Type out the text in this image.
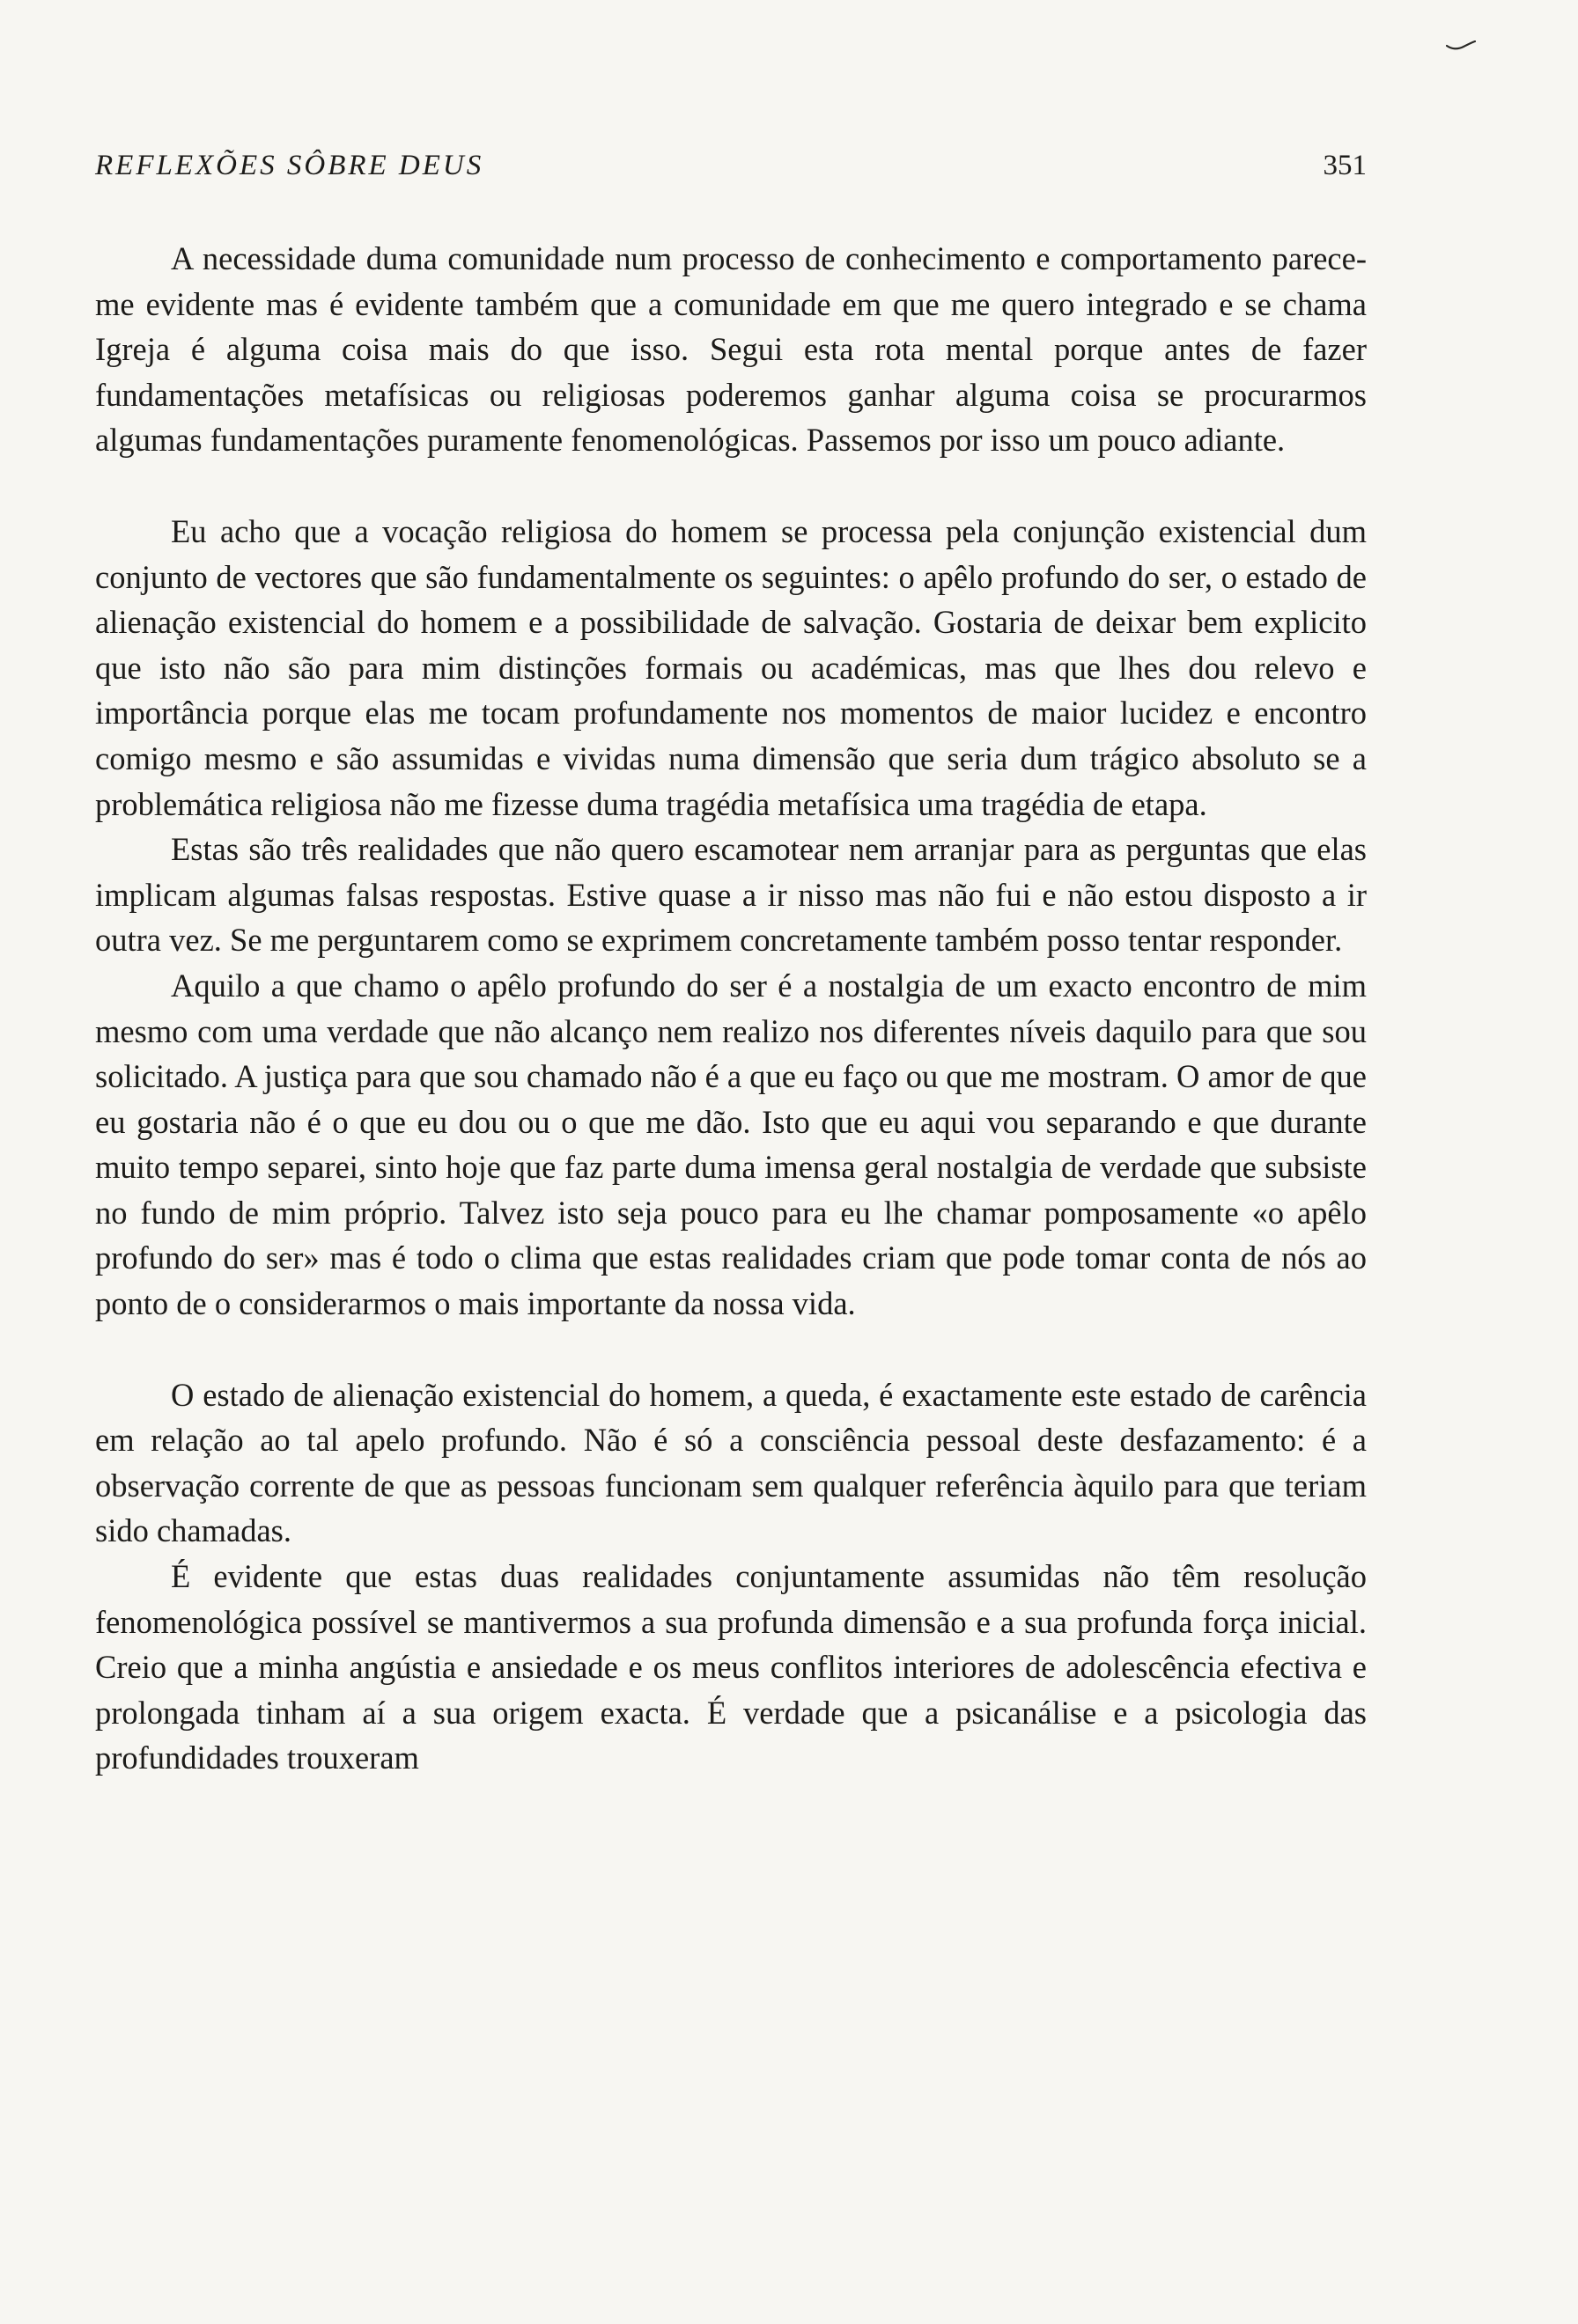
REFLEXÕES SÔBRE DEUS	351

A necessidade duma comunidade num processo de conhecimento e comportamento parece-me evidente mas é evidente também que a comunidade em que me quero integrado e se chama Igreja é alguma coisa mais do que isso. Segui esta rota mental porque antes de fazer fundamentações metafísicas ou religiosas poderemos ganhar alguma coisa se procurarmos algumas fundamentações puramente fenomenológicas. Passemos por isso um pouco adiante.

Eu acho que a vocação religiosa do homem se processa pela conjunção existencial dum conjunto de vectores que são fundamentalmente os seguintes: o apêlo profundo do ser, o estado de alienação existencial do homem e a possibilidade de salvação. Gostaria de deixar bem explicito que isto não são para mim distinções formais ou académicas, mas que lhes dou relevo e importância porque elas me tocam profundamente nos momentos de maior lucidez e encontro comigo mesmo e são assumidas e vividas numa dimensão que seria dum trágico absoluto se a problemática religiosa não me fizesse duma tragédia metafísica uma tragédia de etapa.

Estas são três realidades que não quero escamotear nem arranjar para as perguntas que elas implicam algumas falsas respostas. Estive quase a ir nisso mas não fui e não estou disposto a ir outra vez. Se me perguntarem como se exprimem concretamente também posso tentar responder.

Aquilo a que chamo o apêlo profundo do ser é a nostalgia de um exacto encontro de mim mesmo com uma verdade que não alcanço nem realizo nos diferentes níveis daquilo para que sou solicitado. A justiça para que sou chamado não é a que eu faço ou que me mostram. O amor de que eu gostaria não é o que eu dou ou o que me dão. Isto que eu aqui vou separando e que durante muito tempo separei, sinto hoje que faz parte duma imensa geral nostalgia de verdade que subsiste no fundo de mim próprio. Talvez isto seja pouco para eu lhe chamar pomposamente «o apêlo profundo do ser» mas é todo o clima que estas realidades criam que pode tomar conta de nós ao ponto de o considerarmos o mais importante da nossa vida.

O estado de alienação existencial do homem, a queda, é exactamente este estado de carência em relação ao tal apelo profundo. Não é só a consciência pessoal deste desfazamento: é a observação corrente de que as pessoas funcionam sem qualquer referência àquilo para que teriam sido chamadas.

É evidente que estas duas realidades conjuntamente assumidas não têm resolução fenomenológica possível se mantivermos a sua profunda dimensão e a sua profunda força inicial. Creio que a minha angústia e ansiedade e os meus conflitos interiores de adolescência efectiva e prolongada tinham aí a sua origem exacta. É verdade que a psicanálise e a psicologia das profundidades trouxeram
